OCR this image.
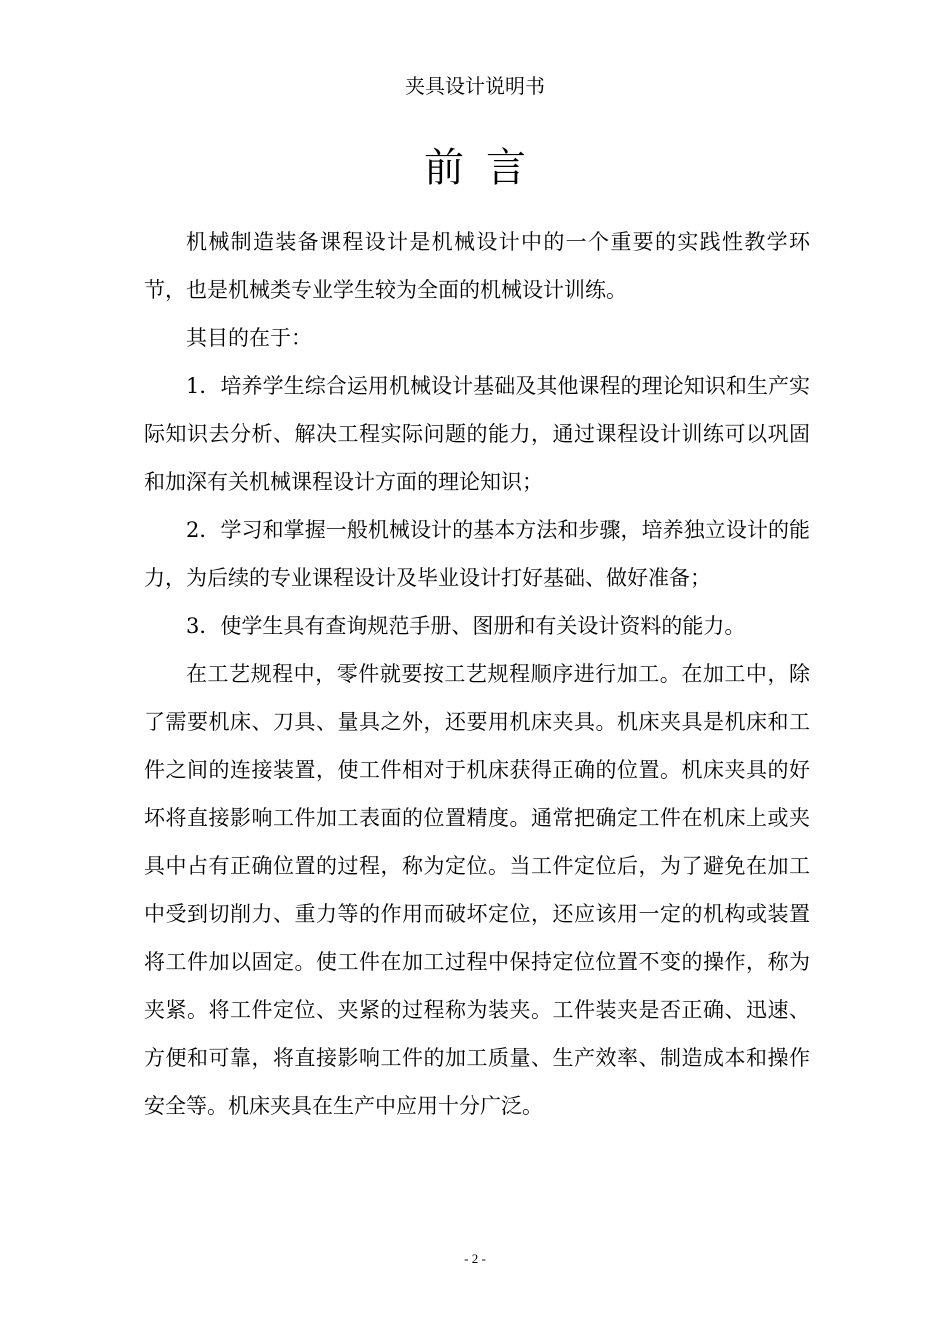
夹具设计说明书
前言

机械制造装备课程设计是机械设计中的一个重要的实践性教学环节，也是机械类专业学生较为全面的机械设计训练。

其目的在于：

1．培养学生综合运用机械设计基础及其他课程的理论知识和生产实际知识去分析、解决工程实际问题的能力，通过课程设计训练可以巩固和加深有关机械课程设计方面的理论知识；

2．学习和掌握一般机械设计的基本方法和步骤，培养独立设计的能力，为后续的专业课程设计及毕业设计打好基础、做好准备；

3．使学生具有查询规范手册、图册和有关设计资料的能力。

在工艺规程中，零件就要按工艺规程顺序进行加工。在加工中，除了需要机床、刀具、量具之外，还要用机床夹具。机床夹具是机床和工件之间的连接装置，使工件相对于机床获得正确的位置。机床夹具的好坏将直接影响工件加工表面的位置精度。通常把确定工件在机床上或夹具中占有正确位置的过程，称为定位。当工件定位后，为了避免在加工中受到切削力、重力等的作用而破坏定位，还应该用一定的机构或装置将工件加以固定。使工件在加工过程中保持定位位置不变的操作，称为夹紧。将工件定位、夹紧的过程称为装夹。工件装夹是否正确、迅速、方便和可靠，将直接影响工件的加工质量、生产效率、制造成本和操作安全等。机床夹具在生产中应用十分广泛。

- 2 -
